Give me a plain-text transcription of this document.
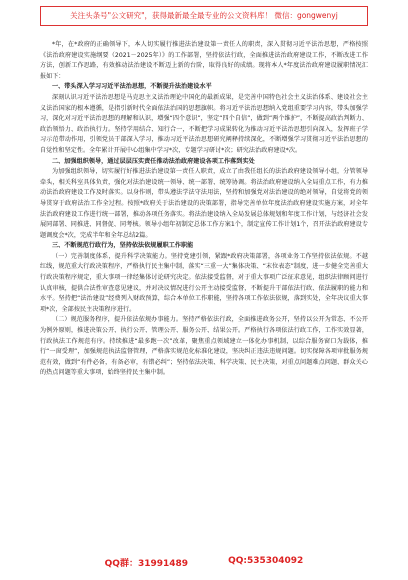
关注头条号"公文研究"，获得最新最全最专业的公文资料库！ 微信：gongwenyj

*年，在*政府的正确领导下，本人切实履行推进法治建设第一责任人的职责，深入贯彻习近平法治思想，严格按照《法治政府建设实施纲要（2021－2025年）》的工作部署，坚持依法行政，全面推进法治政府建设工作，不断改进工作方法，创新工作思路，有效推动法治建设不断迈上新的台阶，取得良好的成绩。现将本人*年度法治政府建设履职情况汇报如下：

一、带头深入学习习近平法治思想，不断提升法治建设水平

深刻认识习近平法治思想是马克思主义法治理论中国化的最新成果，是完善中国特色社会主义法治体系、建设社会主义法治国家的根本遵循，是指引新时代全面依法治国的思想旗帜。将习近平法治思想纳入党组重要学习内容，带头加强学习，深化对习近平法治思想的理解和认识，增强“四个意识”，坚定“四个自信”，做到“两个维护”，不断提高政治判断力、政治领悟力、政治执行力。坚持学用结合、知行合一，不断把学习成果转化为推动习近平法治思想引向深入，发挥班子学习示范带动作用，引领党员干部深入学习，推动习近平法治思想研究阐释持续深化，不断增强学习贯彻习近平法治思想的自觉性和坚定性。全年累计开展中心组集中学习*次，专题学习研讨*次；研究法治政府建设*次。

二、加强组织领导，通过层层压实责任推动法治政府建设各项工作落到实处

为加强组织领导，切实履行好推进法治建设第一责任人职责，成立了由我任组长的法治政府建设领导小组，分管领导牵头，相关科室具体负责，强化对法治建设统一领导、统一部署、统筹协调。将法治政府建设纳入全局重点工作，有力推动法治政府建设工作及时落实。以身作则，带头遵法学法守法用法，坚持和加强党对法治建设的绝对领导，自觉将党的领导贯穿于政府法治工作全过程。按照*政府关于法治建设的决策部署，指导完善单位年度法治政府建设实施方案，对全年法治政府建设工作进行统一部署，推动各项任务落实。将法治建设纳入全局发展总体规划和年度工作计划，与经济社会发展同部署、同推进、同督促、同考核。领导小组年初制定总体工作方案1个，制定宣传工作计划1个，召开法治政府建设专题调度会*次，完成半年和全年总结2篇。

三、不断规范行政行为，坚持依法依规履职工作职能

（一）完善制度体系，提升科学决策能力。坚持党建引领，紧跟*政府决策部署，各项业务工作坚持依法依规。不越红线，规范重大行政决策程序，严格执行民主集中制，落实“三重一大”集体决策、“末位表态”制度，进一步健全完善重大行政决策程序规定，重大事项一律经集体讨论研究决定。依法接受监督，对于重大事项广泛征求意见，组织法律顾问进行认真审核，提供合法性审查意见建议，并对决议情况进行公开主动接受监督，不断提升干部依法行政、依法履职的能力和水平。坚持把“法治建设”经费列入财政预算，综合本单位工作职能，坚持各项工作依法依规，落到实处，全年决议重大事项*次，全部按民主决策程序进行。

（二）规范服务程序，提升依法依规办事能力。坚持严格依法行政，全面推进政务公开，坚持以公开为常态、不公开为例外原则，推进决策公开、执行公开、管理公开、服务公开、结果公开。严格执行各项依法行政工作，工作实效显著，行政执法工作规范有序。持续推进“最多跑一次”改革，聚焦重点领域建立一体化办事机制，以综合服务窗口为载体，推行“一窗受理”，加强规范执法监督管理，严格落实规范化标准化建设，坚决纠正违法违规问题。切实保障各项审批服务规范有效，做到“有件必备，有备必审，有错必纠”；坚持依法决策、科学决策、民主决策，对重点问题难点问题、群众关心的热点问题等重大事项，始终坚持民主集中制。

QQ群：31991489	QQ:535304092
